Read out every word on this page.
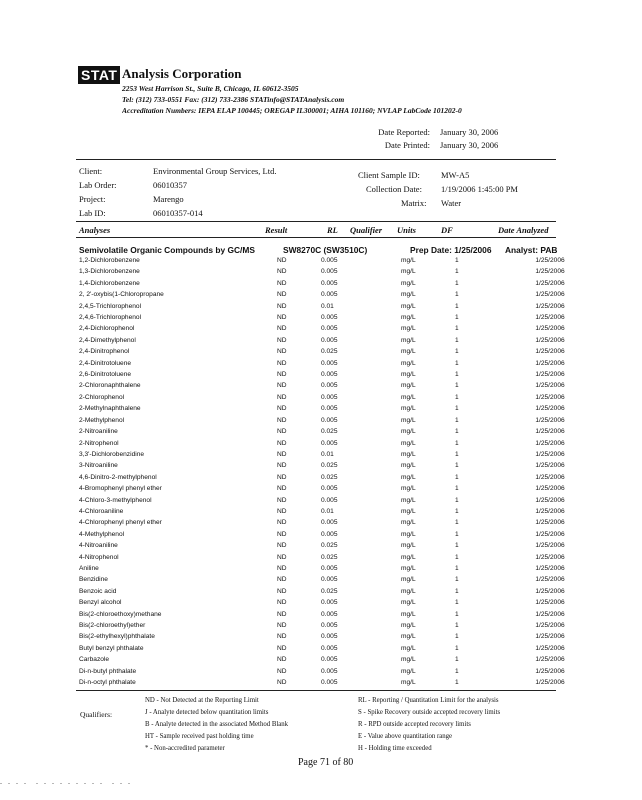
STAT Analysis Corporation
2253 West Harrison St., Suite B, Chicago, IL 60612-3505
Tel: (312) 733-0551 Fax: (312) 733-2386 STATinfo@STATAnalysis.com
Accreditation Numbers: IEPA ELAP 100445; OREGAP IL300001; AIHA 101160; NVLAP LabCode 101202-0
Date Reported: January 30, 2006
Date Printed: January 30, 2006
Client:	Environmental Group Services, Ltd.
Lab Order:	06010357
Project:	Marengo
Lab ID:	06010357-014
Client Sample ID: MW-A5
Collection Date: 1/19/2006 1:45:00 PM
Matrix: Water
Analyses	Result	RL Qualifier Units	DF	Date Analyzed
Semivolatile Organic Compounds by GC/MS	SW8270C (SW3510C)	Prep Date: 1/25/2006 Analyst: PAB
1,2-Dichlorobenzene	ND	0.005		mg/L	1	1/25/2006
1,3-Dichlorobenzene	ND	0.005		mg/L	1	1/25/2006
1,4-Dichlorobenzene	ND	0.005		mg/L	1	1/25/2006
2, 2'-oxybis(1-Chloropropane	ND	0.005		mg/L	1	1/25/2006
2,4,5-Trichlorophenol	ND	0.01		mg/L	1	1/25/2006
2,4,6-Trichlorophenol	ND	0.005		mg/L	1	1/25/2006
2,4-Dichlorophenol	ND	0.005		mg/L	1	1/25/2006
2,4-Dimethylphenol	ND	0.005		mg/L	1	1/25/2006
2,4-Dinitrophenol	ND	0.025		mg/L	1	1/25/2006
2,4-Dinitrotoluene	ND	0.005		mg/L	1	1/25/2006
2,6-Dinitrotoluene	ND	0.005		mg/L	1	1/25/2006
2-Chloronaphthalene	ND	0.005		mg/L	1	1/25/2006
2-Chlorophenol	ND	0.005		mg/L	1	1/25/2006
2-Methylnaphthalene	ND	0.005		mg/L	1	1/25/2006
2-Methylphenol	ND	0.005		mg/L	1	1/25/2006
2-Nitroaniline	ND	0.025		mg/L	1	1/25/2006
2-Nitrophenol	ND	0.005		mg/L	1	1/25/2006
3,3'-Dichlorobenzidine	ND	0.01		mg/L	1	1/25/2006
3-Nitroaniline	ND	0.025		mg/L	1	1/25/2006
4,6-Dinitro-2-methylphenol	ND	0.025		mg/L	1	1/25/2006
4-Bromophenyl phenyl ether	ND	0.005		mg/L	1	1/25/2006
4-Chloro-3-methylphenol	ND	0.005		mg/L	1	1/25/2006
4-Chloroaniline	ND	0.01		mg/L	1	1/25/2006
4-Chlorophenyl phenyl ether	ND	0.005		mg/L	1	1/25/2006
4-Methylphenol	ND	0.005		mg/L	1	1/25/2006
4-Nitroaniline	ND	0.025		mg/L	1	1/25/2006
4-Nitrophenol	ND	0.025		mg/L	1	1/25/2006
Aniline	ND	0.005		mg/L	1	1/25/2006
Benzidine	ND	0.005		mg/L	1	1/25/2006
Benzoic acid	ND	0.025		mg/L	1	1/25/2006
Benzyl alcohol	ND	0.005		mg/L	1	1/25/2006
Bis(2-chloroethoxy)methane	ND	0.005		mg/L	1	1/25/2006
Bis(2-chloroethyl)ether	ND	0.005		mg/L	1	1/25/2006
Bis(2-ethylhexyl)phthalate	ND	0.005		mg/L	1	1/25/2006
Butyl benzyl phthalate	ND	0.005		mg/L	1	1/25/2006
Carbazole	ND	0.005		mg/L	1	1/25/2006
Di-n-butyl phthalate	ND	0.005		mg/L	1	1/25/2006
Di-n-octyl phthalate	ND	0.005		mg/L	1	1/25/2006
Qualifiers:
ND - Not Detected at the Reporting Limit
J - Analyte detected below quantitation limits
B - Analyte detected in the associated Method Blank
HT - Sample received past holding time
* - Non-accredited parameter
RL - Reporting / Quantitation Limit for the analysis
S - Spike Recovery outside accepted recovery limits
R - RPD outside accepted recovery limits
E - Value above quantitation range
H - Holding time exceeded
Page 71 of 80
. . . .  . . . . . . . . .  . . .
